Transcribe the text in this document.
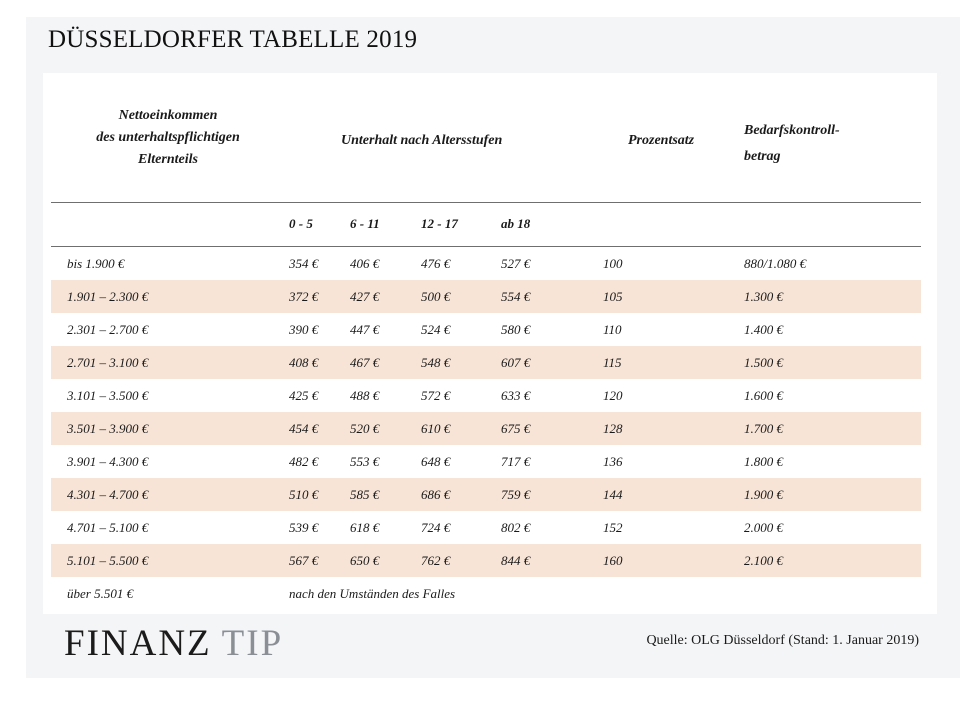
DÜSSELDORFER TABELLE 2019
Nettoeinkommen
des unterhaltspflichtigen
Elternteils
Unterhalt nach Altersstufen	Prozentsatz
Bedarfskontroll-
betrag
0 - 5	6 - 11	12 - 17	ab 18
bis 1.900 €	354 € 406 €	476 €	527 €	100	880/1.080 €
1.901 – 2.300 €	372 € 427 €	500 €	554 €	105	1.300 €
2.301 – 2.700 €	390 € 447 €	524 €	580 €	110	1.400 €
2.701 – 3.100 €	408 € 467 €	548 €	607 €	115	1.500 €
3.101 – 3.500 €	425 € 488 €	572 €	633 €	120	1.600 €
3.501 – 3.900 €	454 € 520 €	610 €	675 €	128	1.700 €
3.901 – 4.300 €	482 € 553 €	648 €	717 €	136	1.800 €
4.301 – 4.700 €	510 € 585 €	686 €	759 €	144	1.900 €
4.701 – 5.100 €	539 € 618 €	724 €	802 €	152	2.000 €
5.101 – 5.500 €	567 € 650 €	762 €	844 €	160	2.100 €
über 5.501 €	nach den Umständen des Falles
FINANZ TIP	Quelle: OLG Düsseldorf (Stand: 1. Januar 2019)
